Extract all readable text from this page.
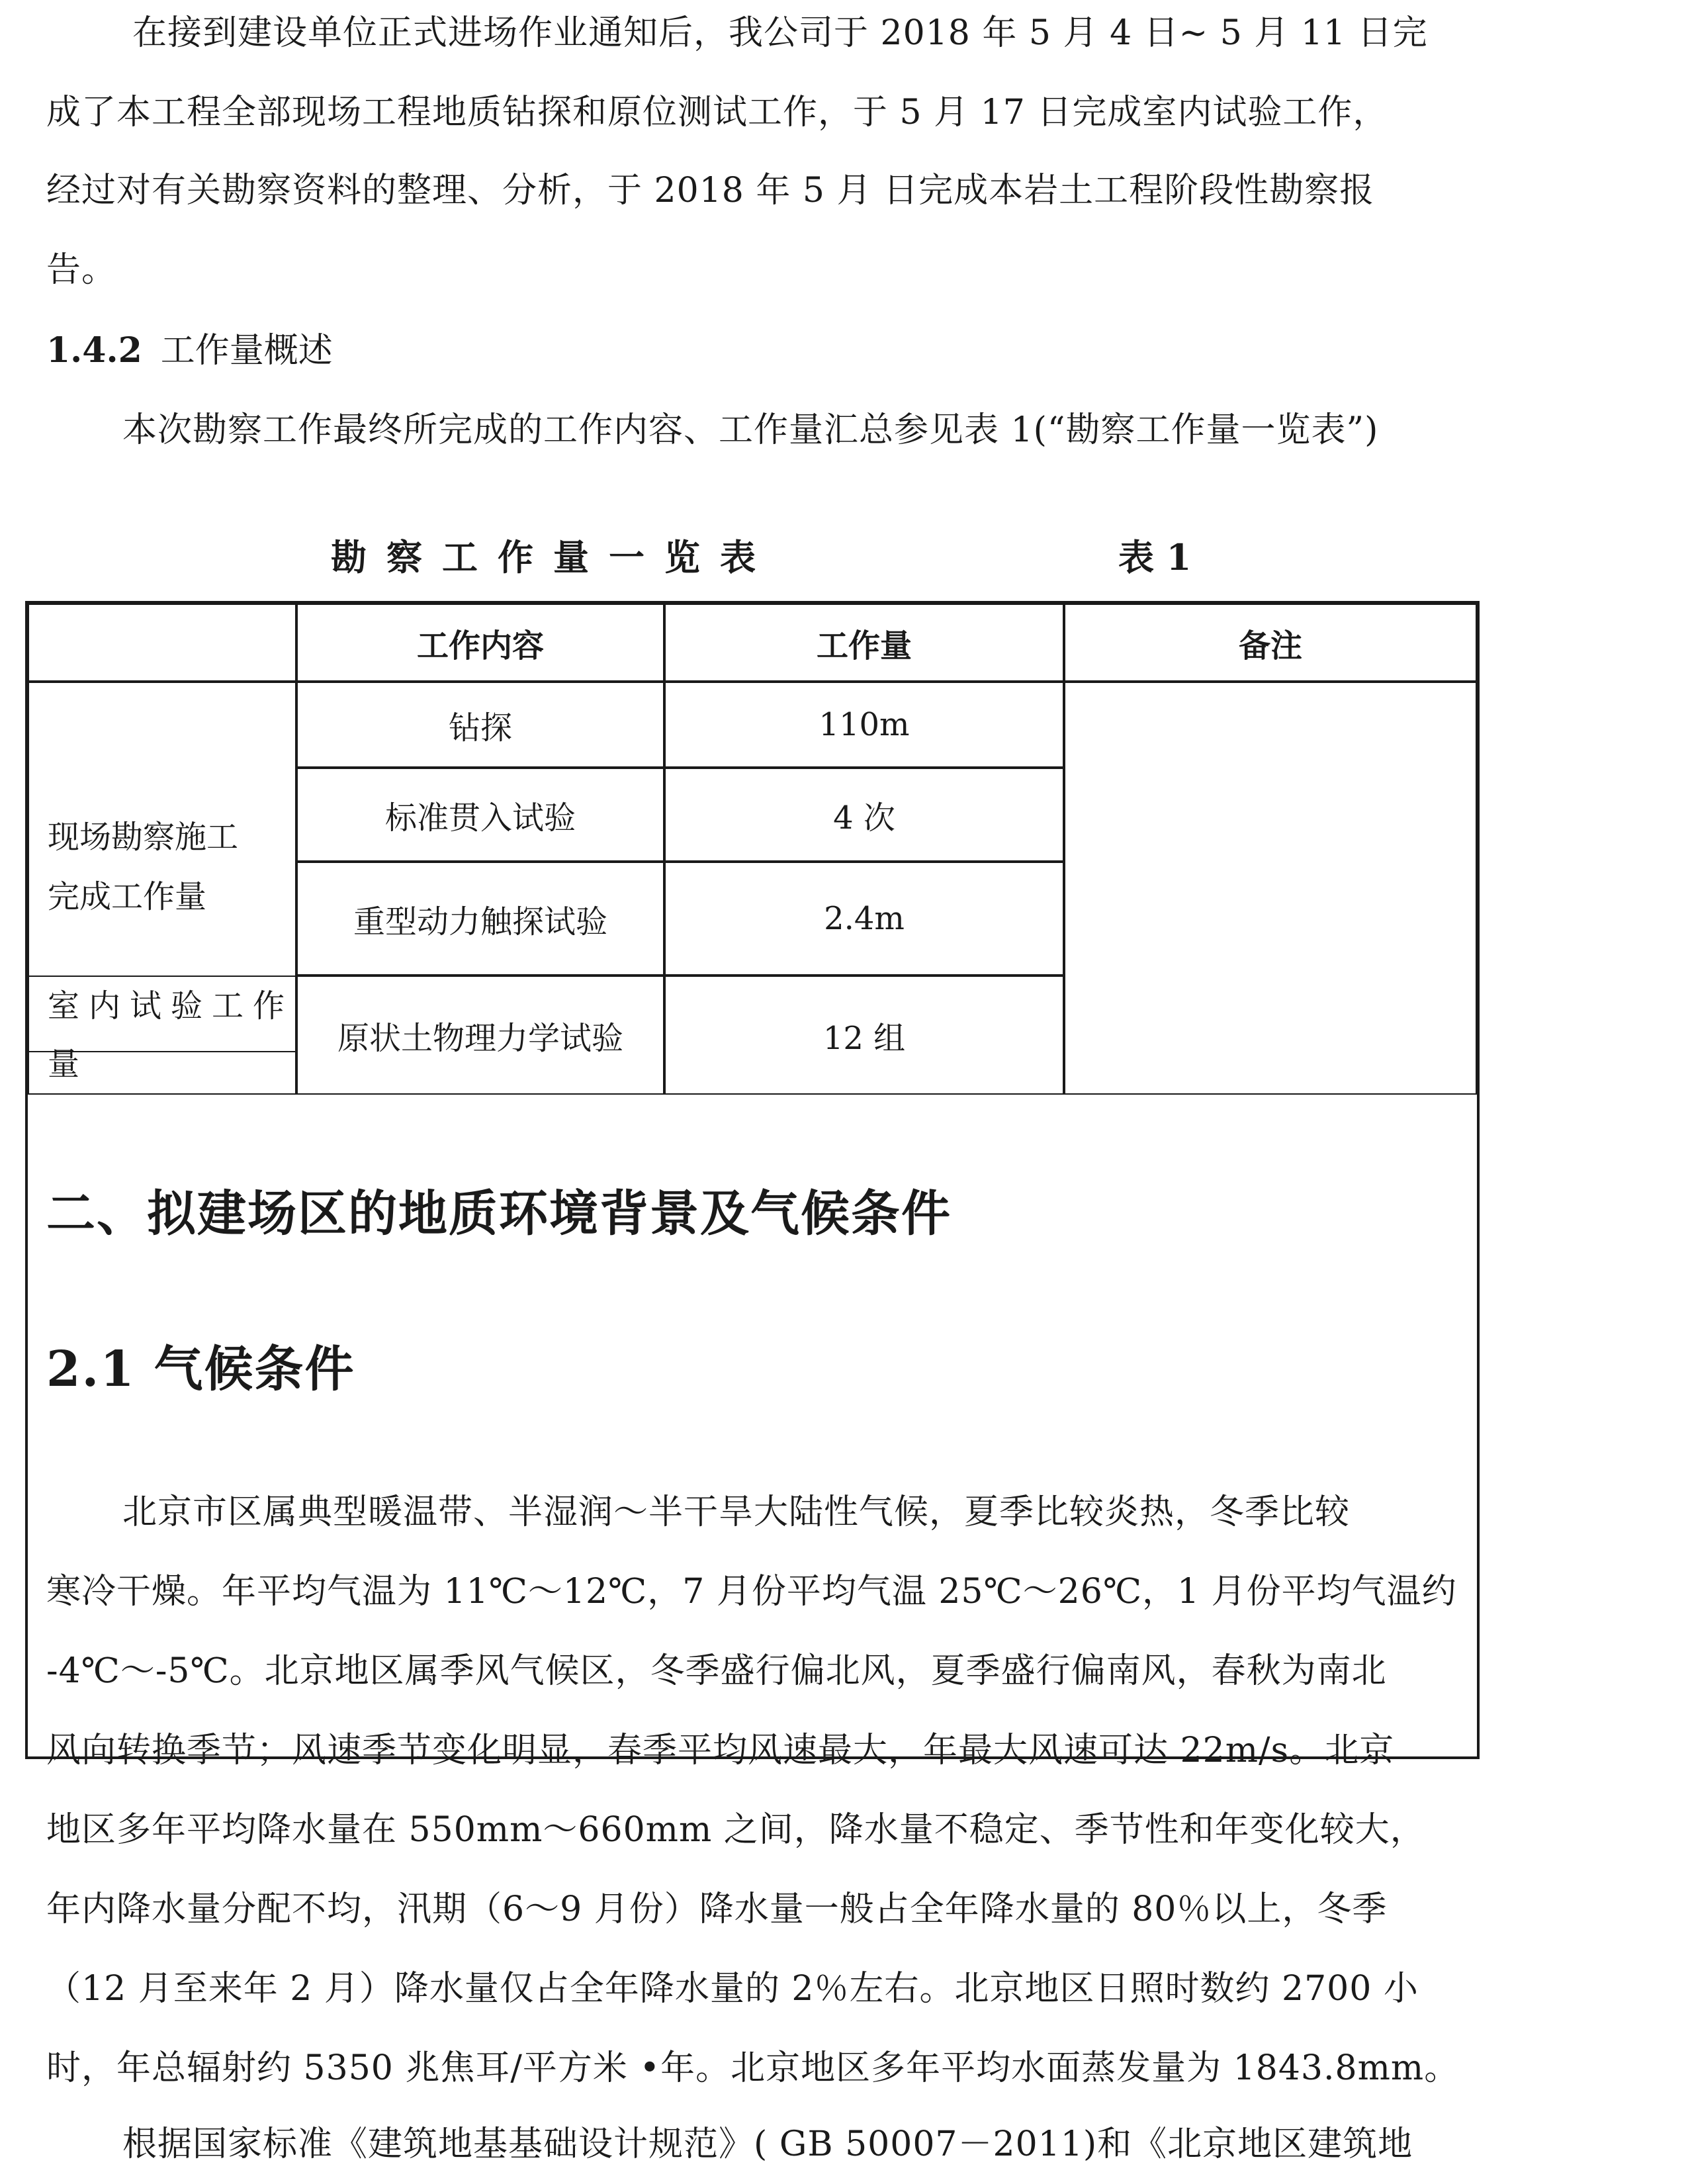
在接到建设单位正式进场作业通知后，我公司于 2018 年 5 月 4 日~ 5 月 11 日完
成了本工程全部现场工程地质钻探和原位测试工作，于 5 月 17 日完成室内试验工作，
经过对有关勘察资料的整理、分析，于 2018 年 5 月 日完成本岩土工程阶段性勘察报
告。
1.4.2 工作量概述
本次勘察工作最终所完成的工作内容、工作量汇总参见表 1(“勘察工作量一览表”)
勘察工作量一览表	表 1
工作内容	工作量	备注
现场勘察施工
完成工作量
钻探	110m
标准贯入试验	4 次
重型动力触探试验	2.4m
室内试验工作
量
原状土物理力学试验	12 组
二、拟建场区的地质环境背景及气候条件
2.1 气候条件
北京市区属典型暖温带、半湿润～半干旱大陆性气候，夏季比较炎热，冬季比较
寒冷干燥。年平均气温为 11℃～12℃，7 月份平均气温 25℃～26℃，1 月份平均气温约
-4℃～-5℃。北京地区属季风气候区，冬季盛行偏北风，夏季盛行偏南风，春秋为南北
风向转换季节；风速季节变化明显，春季平均风速最大，年最大风速可达 22m/s。北京
地区多年平均降水量在 550mm～660mm 之间，降水量不稳定、季节性和年变化较大，
年内降水量分配不均，汛期（6～9 月份）降水量一般占全年降水量的 80％以上，冬季
（12 月至来年 2 月）降水量仅占全年降水量的 2％左右。北京地区日照时数约 2700 小
时，年总辐射约 5350 兆焦耳/平方米 •年。北京地区多年平均水面蒸发量为 1843.8mm。
根据国家标准《建筑地基基础设计规范》( GB 50007－2011)和《北京地区建筑地
